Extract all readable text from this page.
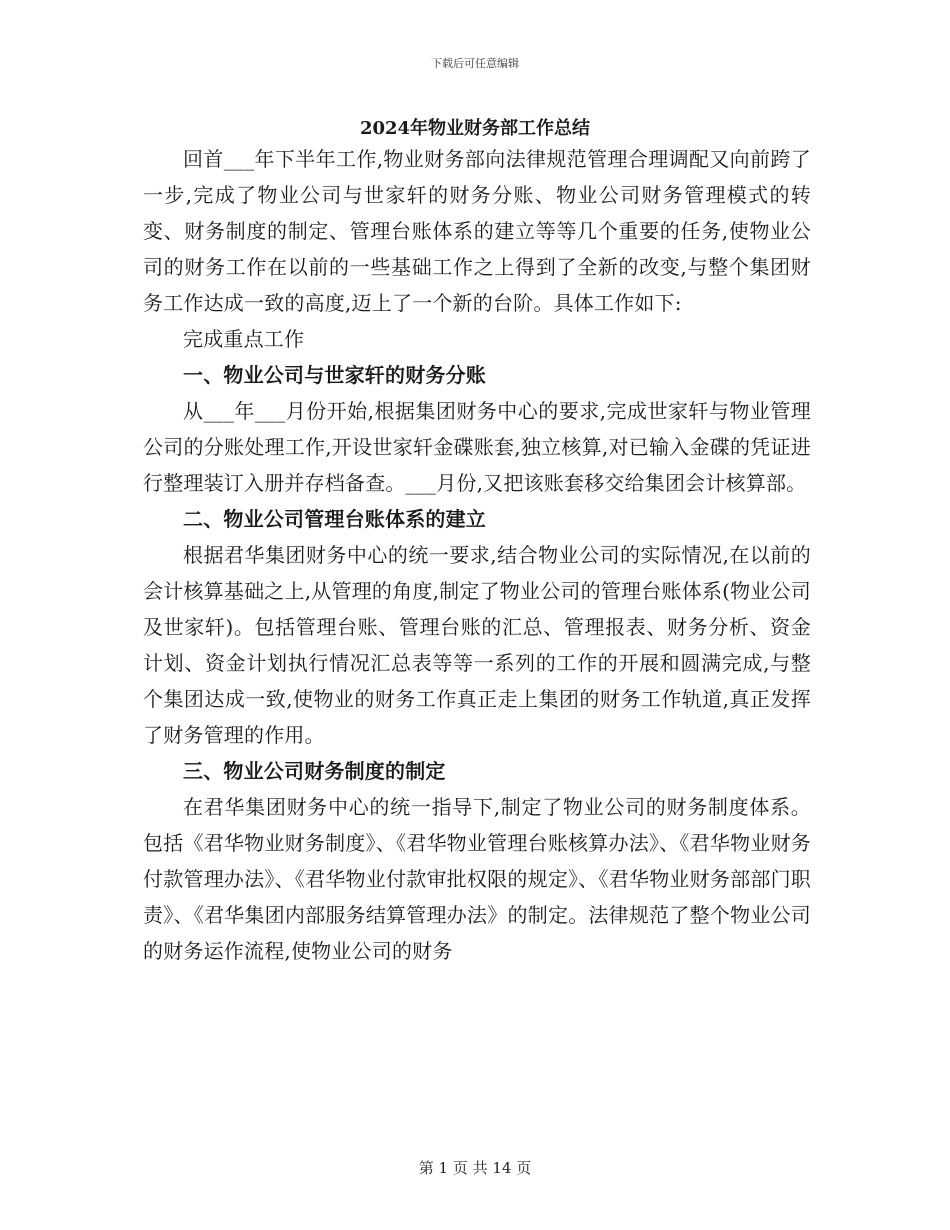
下载后可任意编辑
2024年物业财务部工作总结

回首___年下半年工作,物业财务部向法律规范管理合理调配又向前跨了一步,完成了物业公司与世家轩的财务分账、物业公司财务管理模式的转变、财务制度的制定、管理台账体系的建立等等几个重要的任务,使物业公司的财务工作在以前的一些基础工作之上得到了全新的改变,与整个集团财务工作达成一致的高度,迈上了一个新的台阶。具体工作如下:

完成重点工作

一、物业公司与世家轩的财务分账

从___年___月份开始,根据集团财务中心的要求,完成世家轩与物业管理公司的分账处理工作,开设世家轩金碟账套,独立核算,对已输入金碟的凭证进行整理装订入册并存档备查。___月份,又把该账套移交给集团会计核算部。

二、物业公司管理台账体系的建立

根据君华集团财务中心的统一要求,结合物业公司的实际情况,在以前的会计核算基础之上,从管理的角度,制定了物业公司的管理台账体系(物业公司及世家轩)。包括管理台账、管理台账的汇总、管理报表、财务分析、资金计划、资金计划执行情况汇总表等等一系列的工作的开展和圆满完成,与整个集团达成一致,使物业的财务工作真正走上集团的财务工作轨道,真正发挥了财务管理的作用。

三、物业公司财务制度的制定

在君华集团财务中心的统一指导下,制定了物业公司的财务制度体系。包括《君华物业财务制度》、《君华物业管理台账核算办法》、《君华物业财务付款管理办法》、《君华物业付款审批权限的规定》、《君华物业财务部部门职责》、《君华集团内部服务结算管理办法》的制定。法律规范了整个物业公司的财务运作流程,使物业公司的财务

第 1 页 共 14 页
